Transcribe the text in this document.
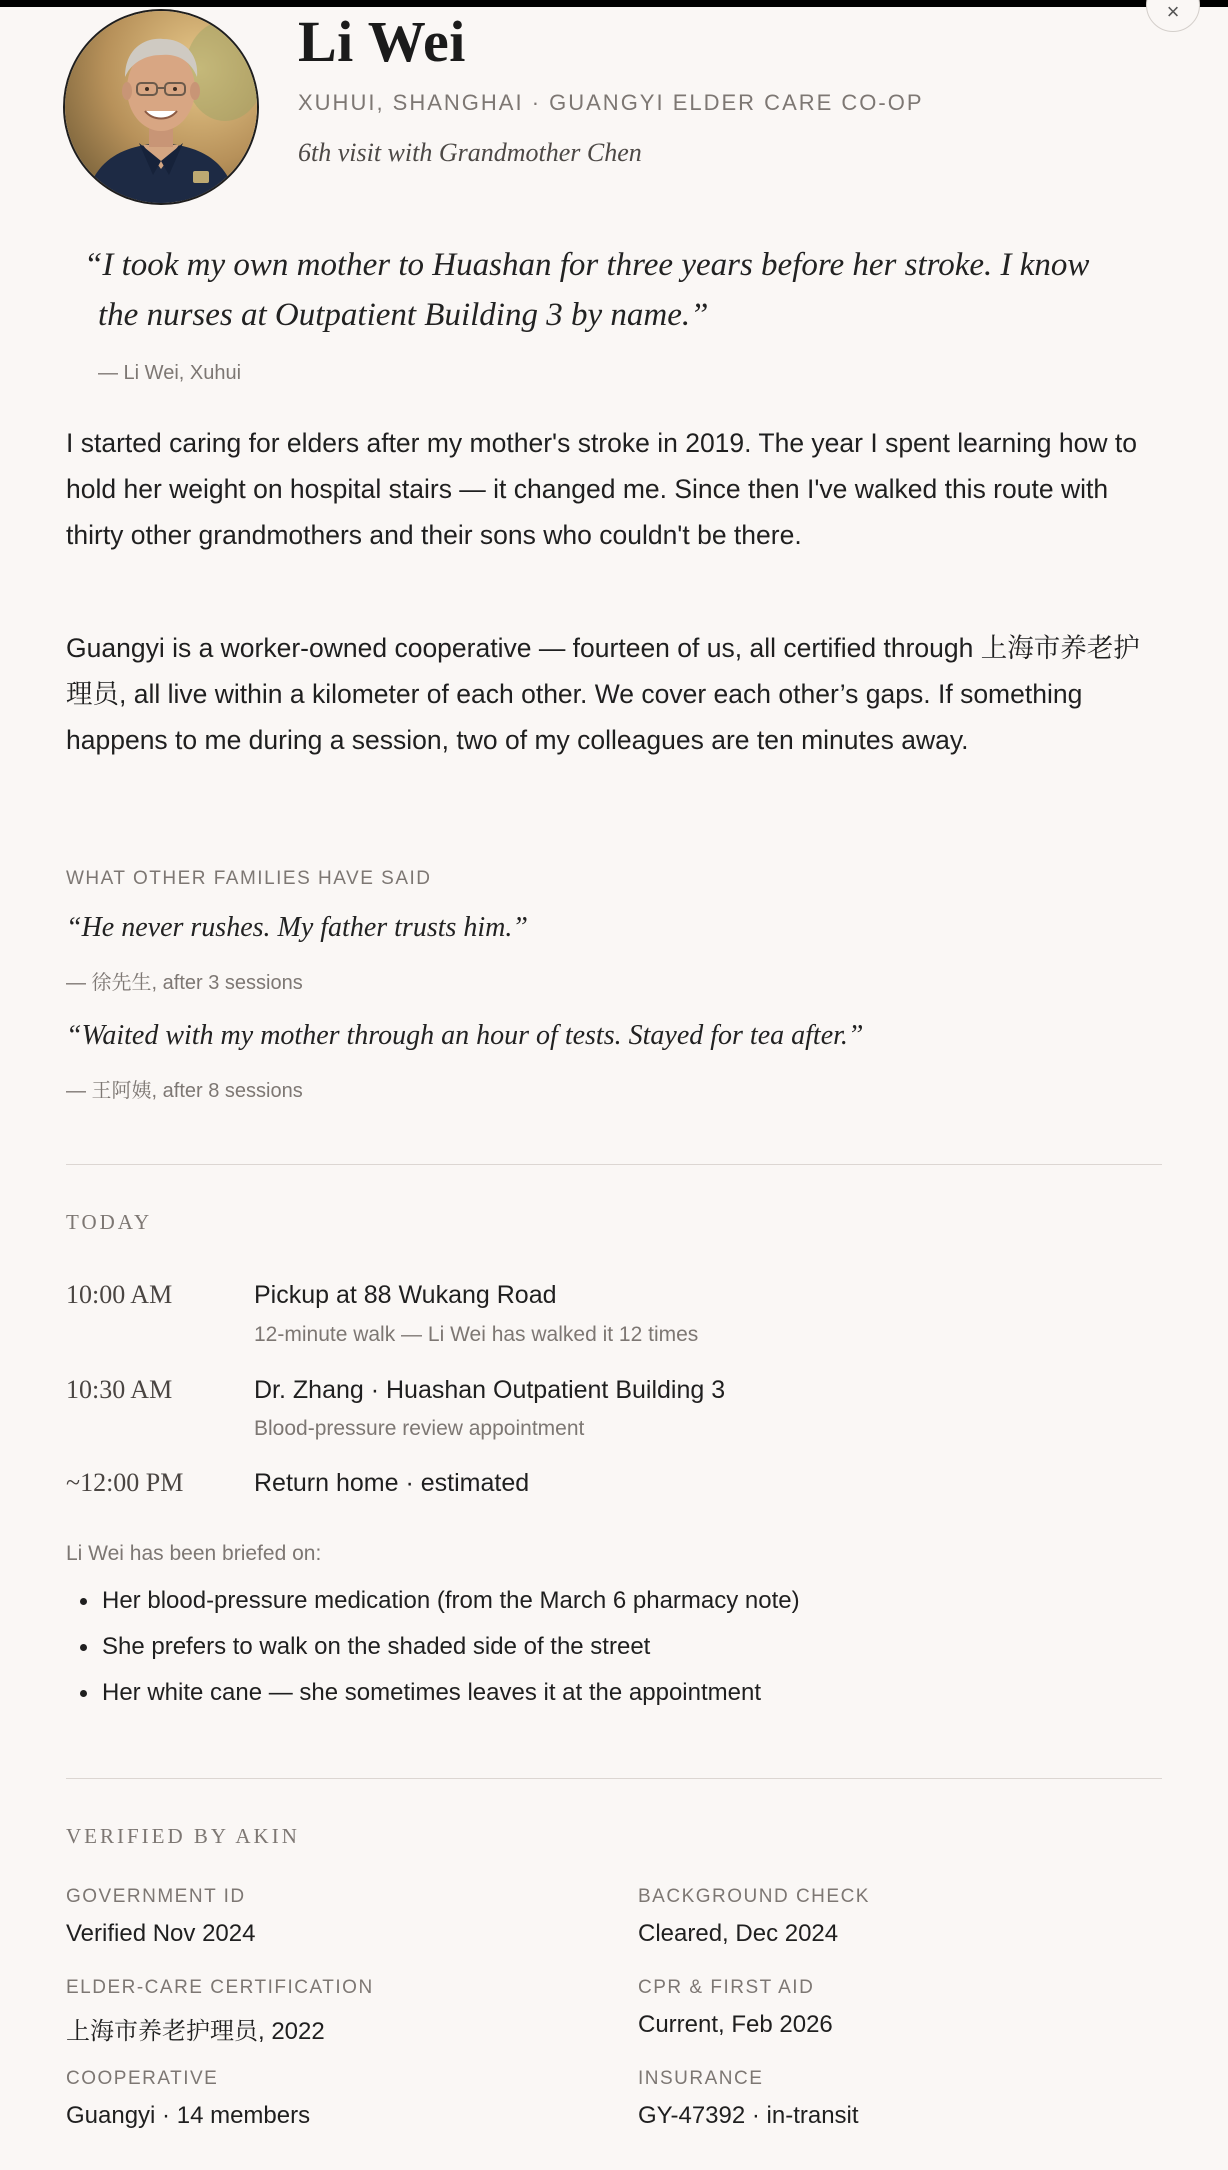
×
Li Wei
XUHUI, SHANGHAI · GUANGYI ELDER CARE CO-OP
6th visit with Grandmother Chen
“I took my own mother to Huashan for three years before her stroke. I know
the nurses at Outpatient Building 3 by name.”
— Li Wei, Xuhui

I started caring for elders after my mother's stroke in 2019. The year I spent learning how to hold her weight on hospital stairs — it changed me. Since then I've walked this route with thirty other grandmothers and their sons who couldn't be there.

Guangyi is a worker-owned cooperative — fourteen of us, all certified through 上海市养老护理员, all live within a kilometer of each other. We cover each other’s gaps. If something happens to me during a session, two of my colleagues are ten minutes away.

WHAT OTHER FAMILIES HAVE SAID
“He never rushes. My father trusts him.”
— 徐先生, after 3 sessions
“Waited with my mother through an hour of tests. Stayed for tea after.”
— 王阿姨, after 8 sessions
TODAY
10:00 AM	Pickup at 88 Wukang Road
12-minute walk — Li Wei has walked it 12 times
10:30 AM	Dr. Zhang · Huashan Outpatient Building 3
Blood-pressure review appointment
~12:00 PM	Return home · estimated
Li Wei has been briefed on:
Her blood-pressure medication (from the March 6 pharmacy note)
She prefers to walk on the shaded side of the street
Her white cane — she sometimes leaves it at the appointment
VERIFIED BY AKIN
GOVERNMENT ID
Verified Nov 2024
BACKGROUND CHECK
Cleared, Dec 2024
ELDER-CARE CERTIFICATION
上海市养老护理员, 2022
CPR & FIRST AID
Current, Feb 2026
COOPERATIVE
Guangyi · 14 members
INSURANCE
GY-47392 · in-transit
